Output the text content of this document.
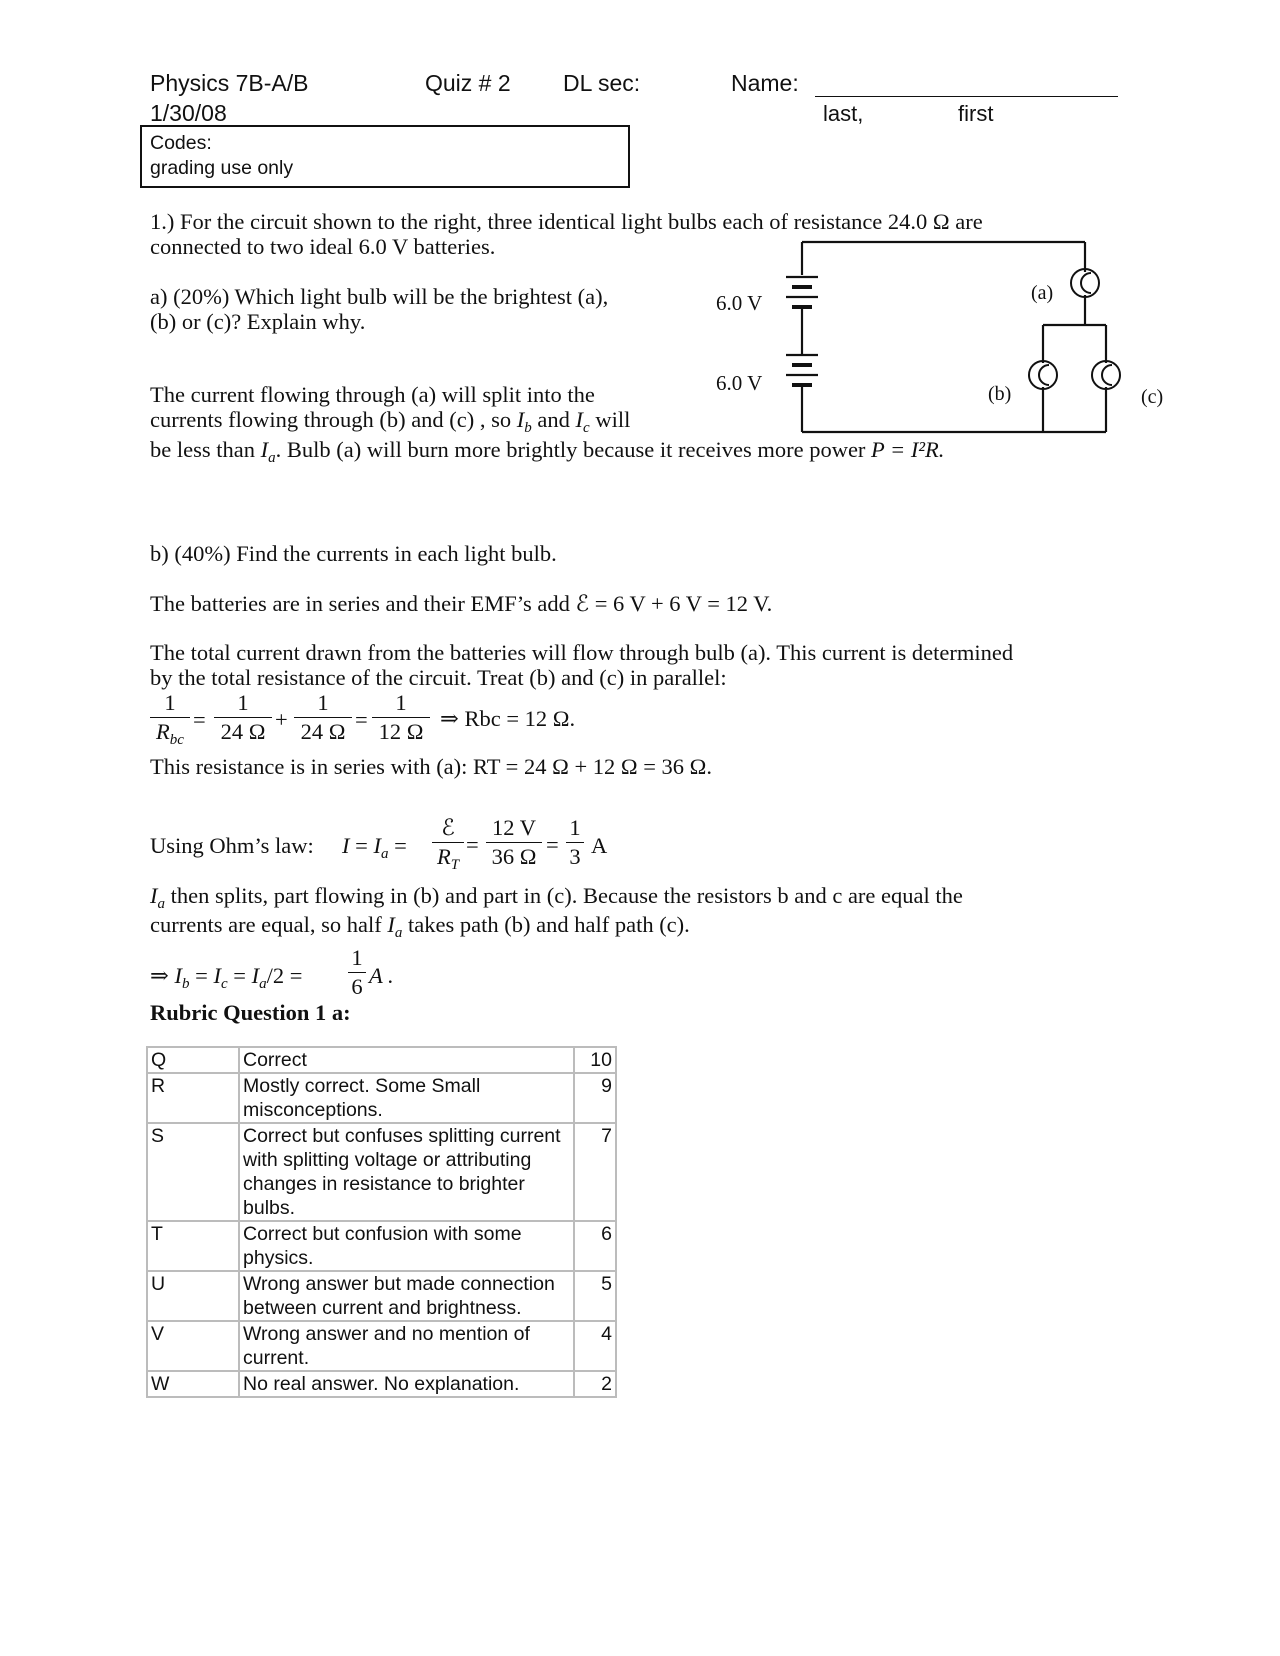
Physics 7B-A/B
1/30/08
Quiz # 2 DL sec:	Name:
last,	first
Codes:
grading use only
1.) For the circuit shown to the right, three identical light bulbs each of resistance 24.0 Ω are
connected to two ideal 6.0 V batteries.
a) (20%) Which light bulb will be the brightest (a),
(b) or (c)? Explain why.
6.0 V
6.0 V
(a)
(b)	(c)
The current flowing through (a) will split into the
currents flowing through (b) and (c) , so $I_b$ and $I_c$ will
be less than $I_a$. Bulb (a) will burn more brightly because it receives more power P = I²R.
b) (40%) Find the currents in each light bulb.
The batteries are in series and their EMF’s add ℰ = 6 V + 6 V = 12 V.
The total current drawn from the batteries will flow through bulb (a). This current is determined
by the total resistance of the circuit. Treat (b) and (c) in parallel:
1
$R_{bc}$
=
1
24 Ω +
1
24 Ω =
1
12 Ω
⇒ Rbc = 12 Ω.
This resistance is in series with (a): RT = 24 Ω + 12 Ω = 36 Ω.
Using Ohm’s law: $I = I_a$ =
ℰ
$R_T$
=
12 V
36 Ω =
1
3 A
$I_a$ then splits, part flowing in (b) and part in (c). Because the resistors b and c are equal the
currents are equal, so half $I_a$ takes path (b) and half path (c).
⇒ $I_b = I_c = I_a/2$ =
1
6 A .
Rubric Question 1 a:
Q	Correct	10
R	Mostly correct. Some Small misconceptions.	9
S	Correct but confuses splitting current with splitting voltage or attributing changes in resistance to brighter bulbs.	7
T	Correct but confusion with some physics.	6
U	Wrong answer but made connection between current and brightness.	5
V	Wrong answer and no mention of current.	4
W	No real answer. No explanation.	2
